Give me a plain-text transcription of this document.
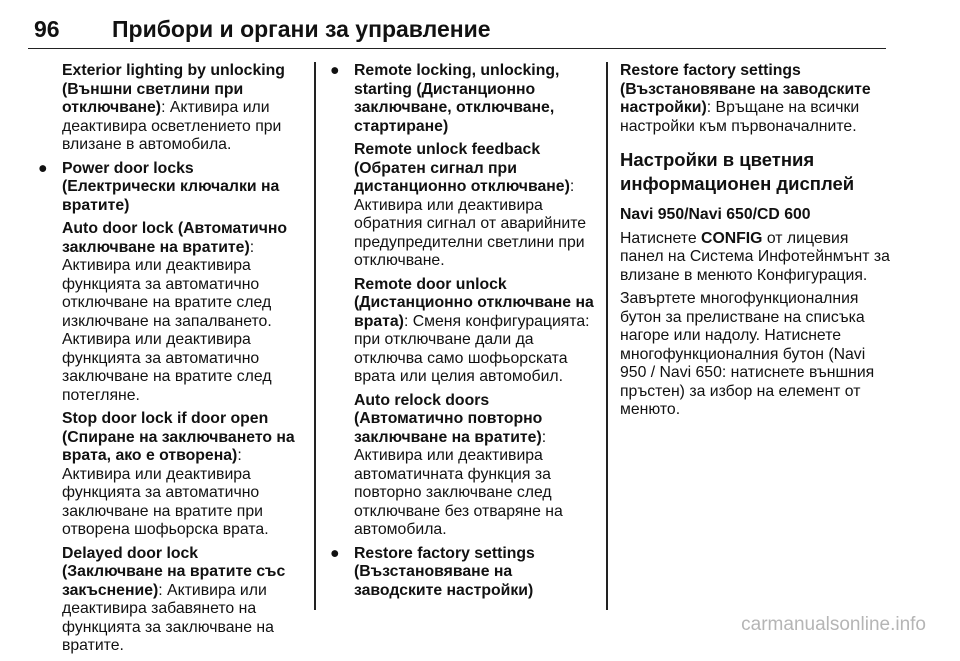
96 Прибори и органи за управление

Exterior lighting by unlocking (Външни светлини при отключване): Активира или деактивира осветлението при влизане в автомобила.

● Power door locks (Електрически ключалки на вратите)

Auto door lock (Автоматично заключване на вратите): Активира или деактивира функцията за автоматично отключване на вратите след изключване на запалването. Активира или деактивира функцията за автоматично заключване на вратите след потегляне.

Stop door lock if door open (Спиране на заключването на врата, ако е отворена): Активира или деактивира функцията за автоматично заключване на вратите при отворена шофьорска врата.

Delayed door lock (Заключване на вратите със закъснение): Активира или деактивира забавянето на функцията за заключване на вратите.

● Remote locking, unlocking, starting (Дистанционно заключване, отключване, стартиране)

Remote unlock feedback (Обратен сигнал при дистанционно отключване): Активира или деактивира обратния сигнал от аварийните предупредителни светлини при отключване.

Remote door unlock (Дистанционно отключване на врата): Сменя конфигурацията: при отключване дали да отключва само шофьорската врата или целия автомобил.

Auto relock doors (Автоматично повторно заключване на вратите): Активира или деактивира автоматичната функция за повторно заключване след отключване без отваряне на автомобила.

● Restore factory settings (Възстановяване на заводските настройки)

Restore factory settings (Възстановяване на заводските настройки): Връщане на всички настройки към първоначалните.

Настройки в цветния информационен дисплей

Navi 950/Navi 650/CD 600

Натиснете CONFIG от лицевия панел на Система Инфотейнмънт за влизане в менюто Конфигурация.

Завъртете многофункционалния бутон за прелистване на списъка нагоре или надолу. Натиснете многофункционалния бутон (Navi 950 / Navi 650: натиснете външния пръстен) за избор на елемент от менюто.

carmanualsonline.info
